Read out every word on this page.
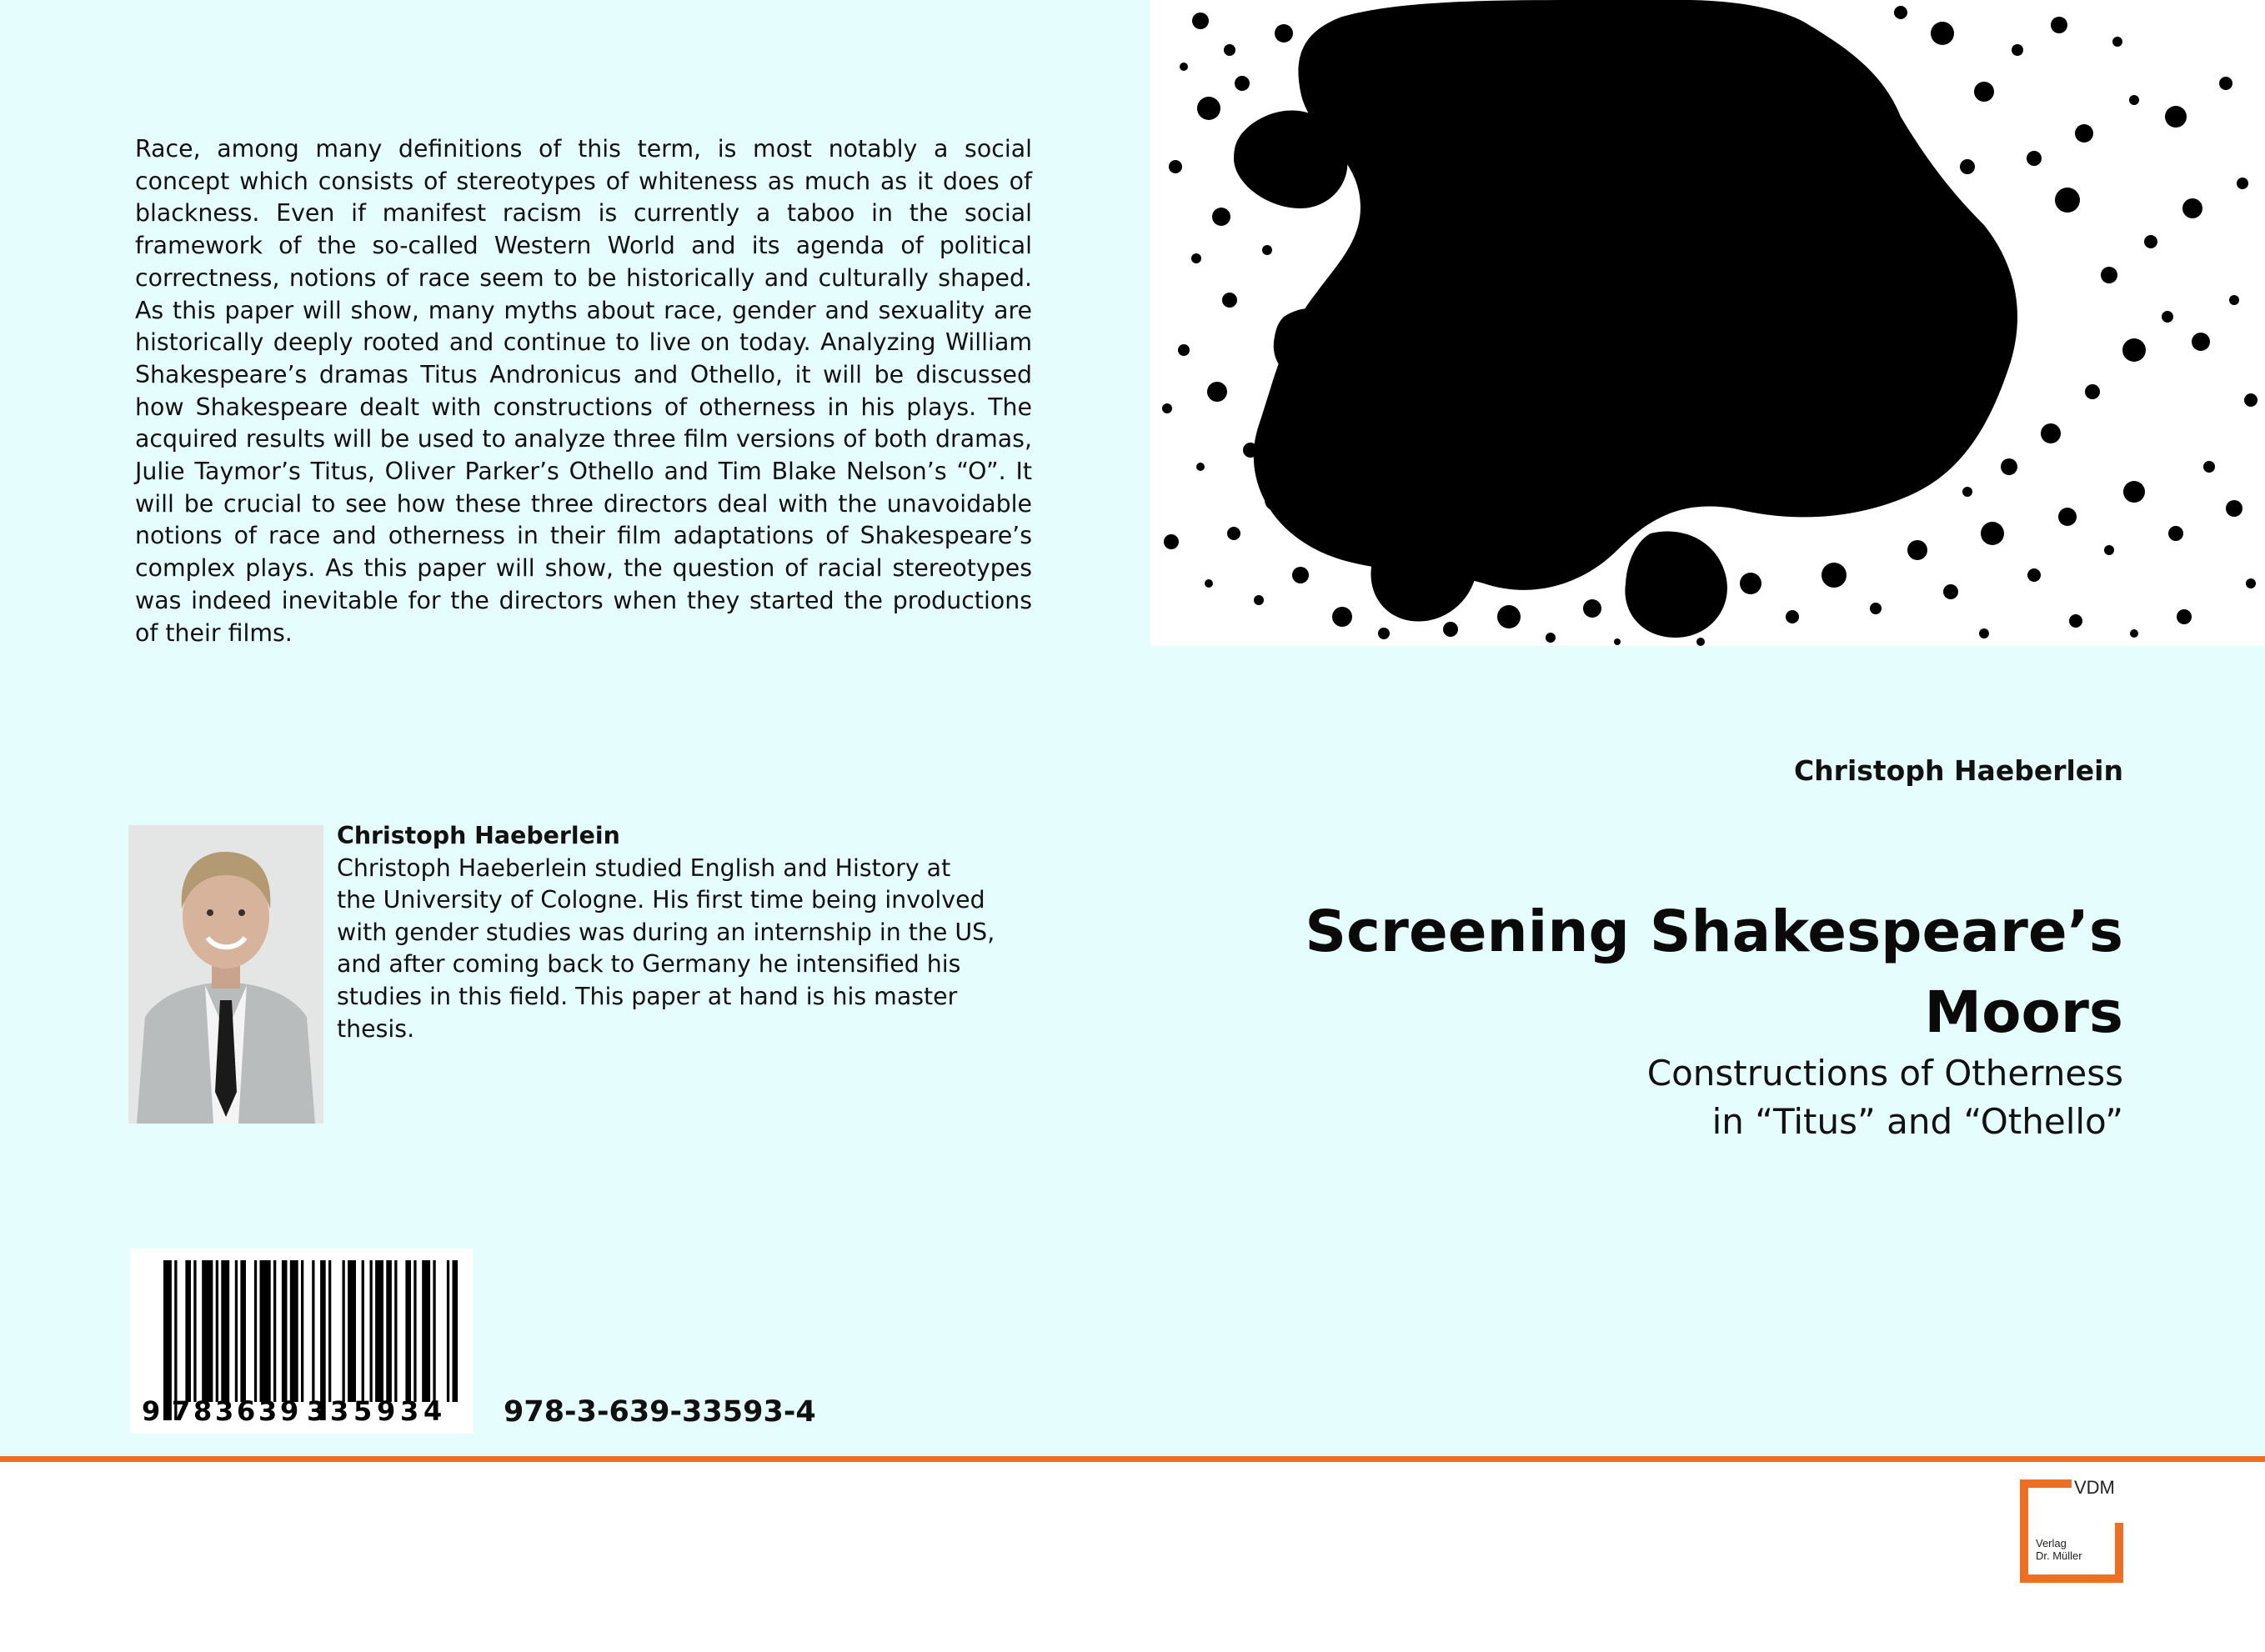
Race, among many definitions of this term, is most notably a social concept which consists of stereotypes of whiteness as much as it does of blackness. Even if manifest racism is currently a taboo in the social framework of the so-called Western World and its agenda of political correctness, notions of race seem to be historically and culturally shaped. As this paper will show, many myths about race, gender and sexuality are historically deeply rooted and continue to live on today. Analyzing William Shakespeare’s dramas Titus Andronicus and Othello, it will be discussed how Shakespeare dealt with constructions of otherness in his plays. The acquired results will be used to analyze three film versions of both dramas, Julie Taymor’s Titus, Oliver Parker’s Othello and Tim Blake Nelson’s “O”. It will be crucial to see how these three directors deal with the unavoidable notions of race and otherness in their film adaptations of Shakespeare’s complex plays. As this paper will show, the question of racial stereotypes was indeed inevitable for the directors when they started the productions of their films.

Christoph Haeberlein
Christoph Haeberlein studied English and History at the University of Cologne. His first time being involved with gender studies was during an internship in the US, and after coming back to Germany he intensified his studies in this field. This paper at hand is his master thesis.
9 7 8 3 6 3 9 3 3 5 9 3 4 978-3-639-33593-4
Christoph Haeberlein
Screening Shakespeare’s Moors
Constructions of Otherness
in “Titus” and “Othello”
VDM
Verlag
Dr. Müller
